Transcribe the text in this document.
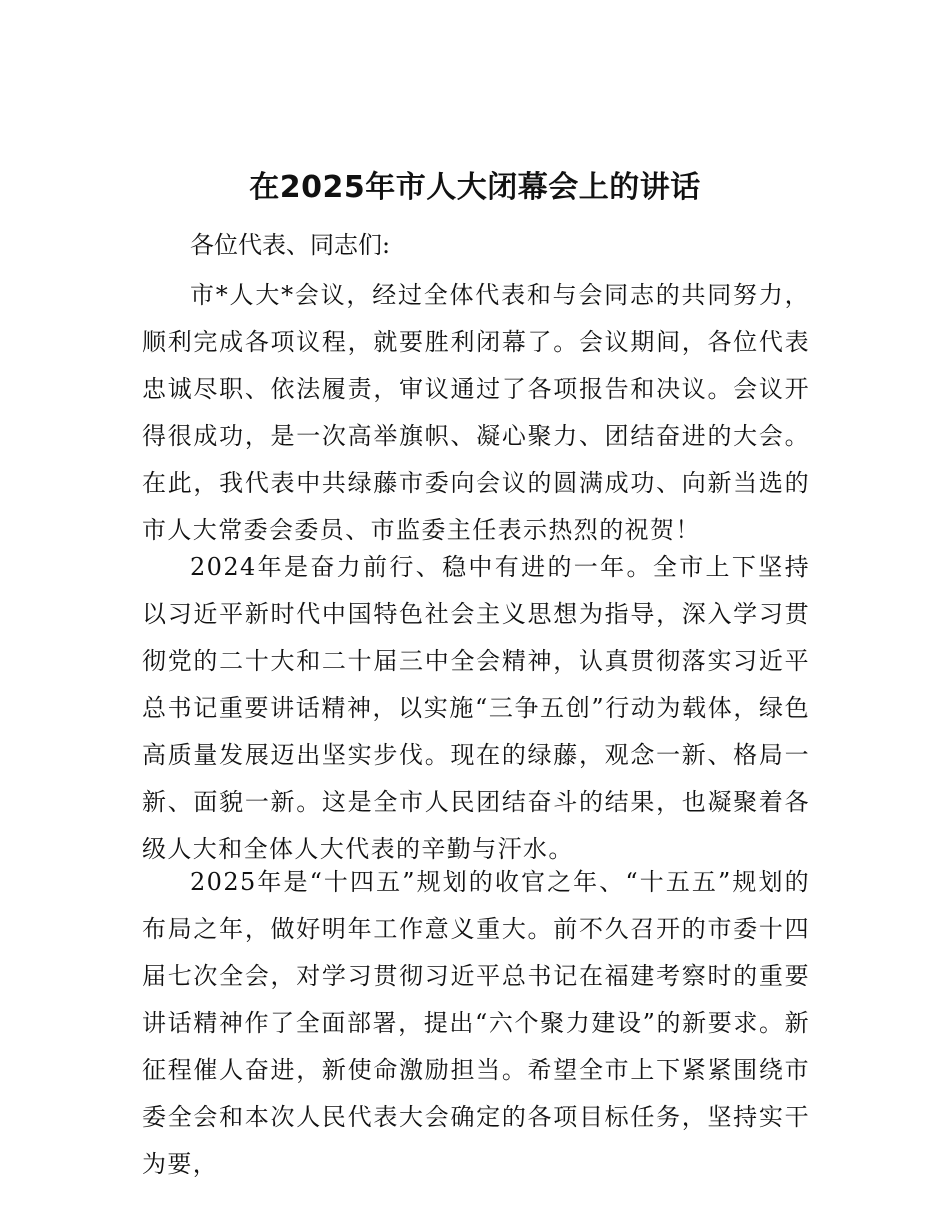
在2025年市人大闭幕会上的讲话

各位代表、同志们:

市*人大*会议，经过全体代表和与会同志的共同努力，顺利完成各项议程，就要胜利闭幕了。会议期间，各位代表忠诚尽职、依法履责，审议通过了各项报告和决议。会议开得很成功，是一次高举旗帜、凝心聚力、团结奋进的大会。在此，我代表中共绿藤市委向会议的圆满成功、向新当选的市人大常委会委员、市监委主任表示热烈的祝贺！

2024年是奋力前行、稳中有进的一年。全市上下坚持以习近平新时代中国特色社会主义思想为指导，深入学习贯彻党的二十大和二十届三中全会精神，认真贯彻落实习近平总书记重要讲话精神，以实施“三争五创”行动为载体，绿色高质量发展迈出坚实步伐。现在的绿藤，观念一新、格局一新、面貌一新。这是全市人民团结奋斗的结果，也凝聚着各级人大和全体人大代表的辛勤与汗水。

2025年是“十四五”规划的收官之年、“十五五”规划的布局之年，做好明年工作意义重大。前不久召开的市委十四届七次全会，对学习贯彻习近平总书记在福建考察时的重要讲话精神作了全面部署，提出“六个聚力建设”的新要求。新征程催人奋进，新使命激励担当。希望全市上下紧紧围绕市委全会和本次人民代表大会确定的各项目标任务，坚持实干为要，
